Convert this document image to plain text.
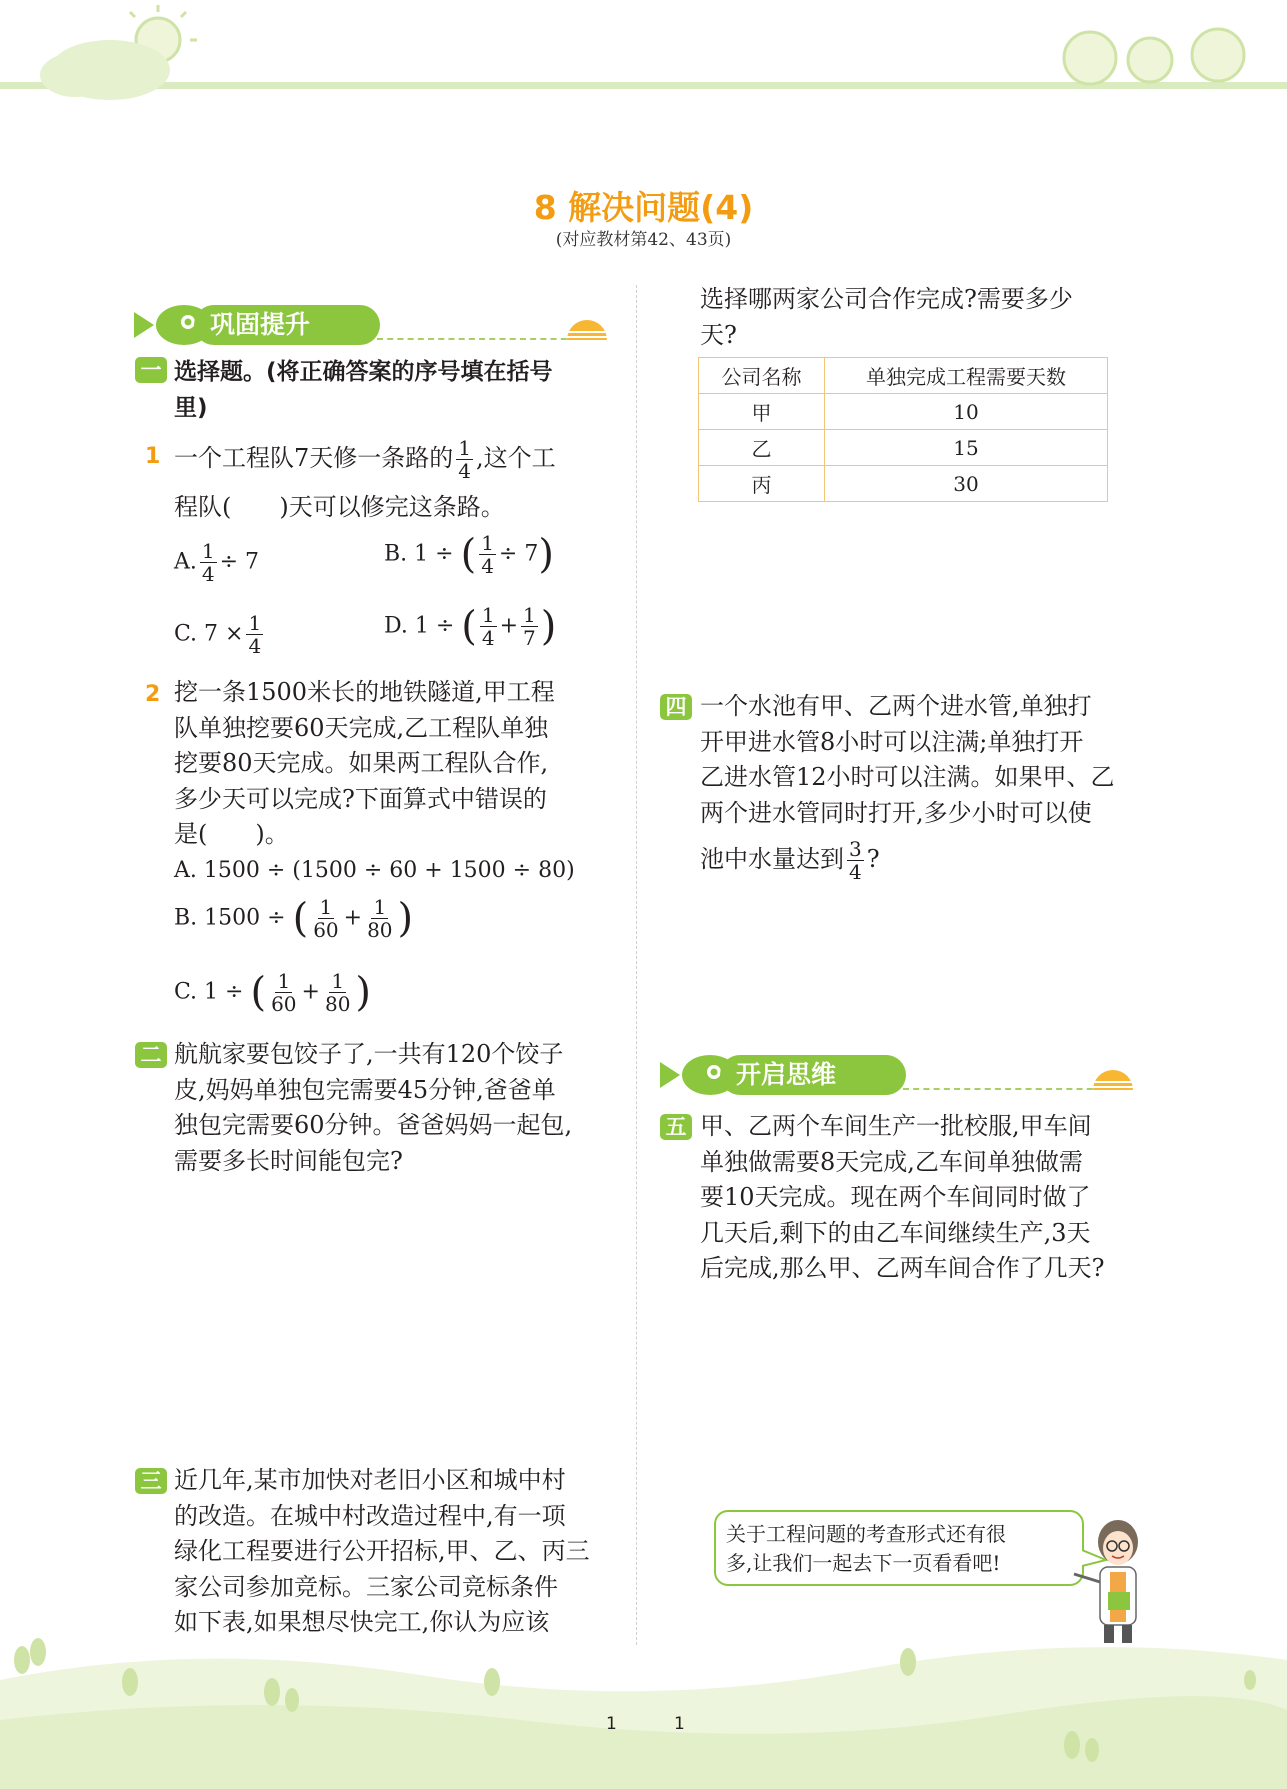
8 解决问题(4)
(对应教材第42、43页)
巩固提升
一 选择题。(将正确答案的序号填在括号
里)
1 一个工程队7天修一条路的 $\frac{1}{4}$ ,这个工
程队(　　)天可以修完这条路。
A. $\frac{1}{4} \div 7$	B. 1 ÷ ( $\frac{1}{4} \div 7$)
C. $7 \times \frac{1}{4}$	D. 1 ÷ ( $\frac{1}{4} + \frac{1}{7}$ )
2 挖一条1500米长的地铁隧道,甲工程
队单独挖要60天完成,乙工程队单独
挖要80天完成。如果两工程队合作,
多少天可以完成?下面算式中错误的
是(　　)。
A. 1500 ÷ (1500 ÷ 60 + 1500 ÷ 80)
B. 1500 ÷ ( $\frac{1}{60} + \frac{1}{80}$ )
C. 1 ÷ ( $\frac{1}{60} + \frac{1}{80}$ )
二 航航家要包饺子了,一共有120个饺子
皮,妈妈单独包完需要45分钟,爸爸单
独包完需要60分钟。爸爸妈妈一起包,
需要多长时间能包完?
三 近几年,某市加快对老旧小区和城中村
的改造。在城中村改造过程中,有一项
绿化工程要进行公开招标,甲、乙、丙三
家公司参加竞标。三家公司竞标条件
如下表,如果想尽快完工,你认为应该
选择哪两家公司合作完成?需要多少
天?
公司名称	单独完成工程需要天数
甲	10
乙	15
丙	30
四 一个水池有甲、乙两个进水管,单独打
开甲进水管8小时可以注满;单独打开
乙进水管12小时可以注满。如果甲、乙
两个进水管同时打开,多少小时可以使
池中水量达到 $\frac{3}{4}$ ?
开启思维
五 甲、乙两个车间生产一批校服,甲车间
单独做需要8天完成,乙车间单独做需
要10天完成。现在两个车间同时做了
几天后,剩下的由乙车间继续生产,3天
后完成,那么甲、乙两车间合作了几天?
关于工程问题的考查形式还有很
多,让我们一起去下一页看看吧!
1	1
